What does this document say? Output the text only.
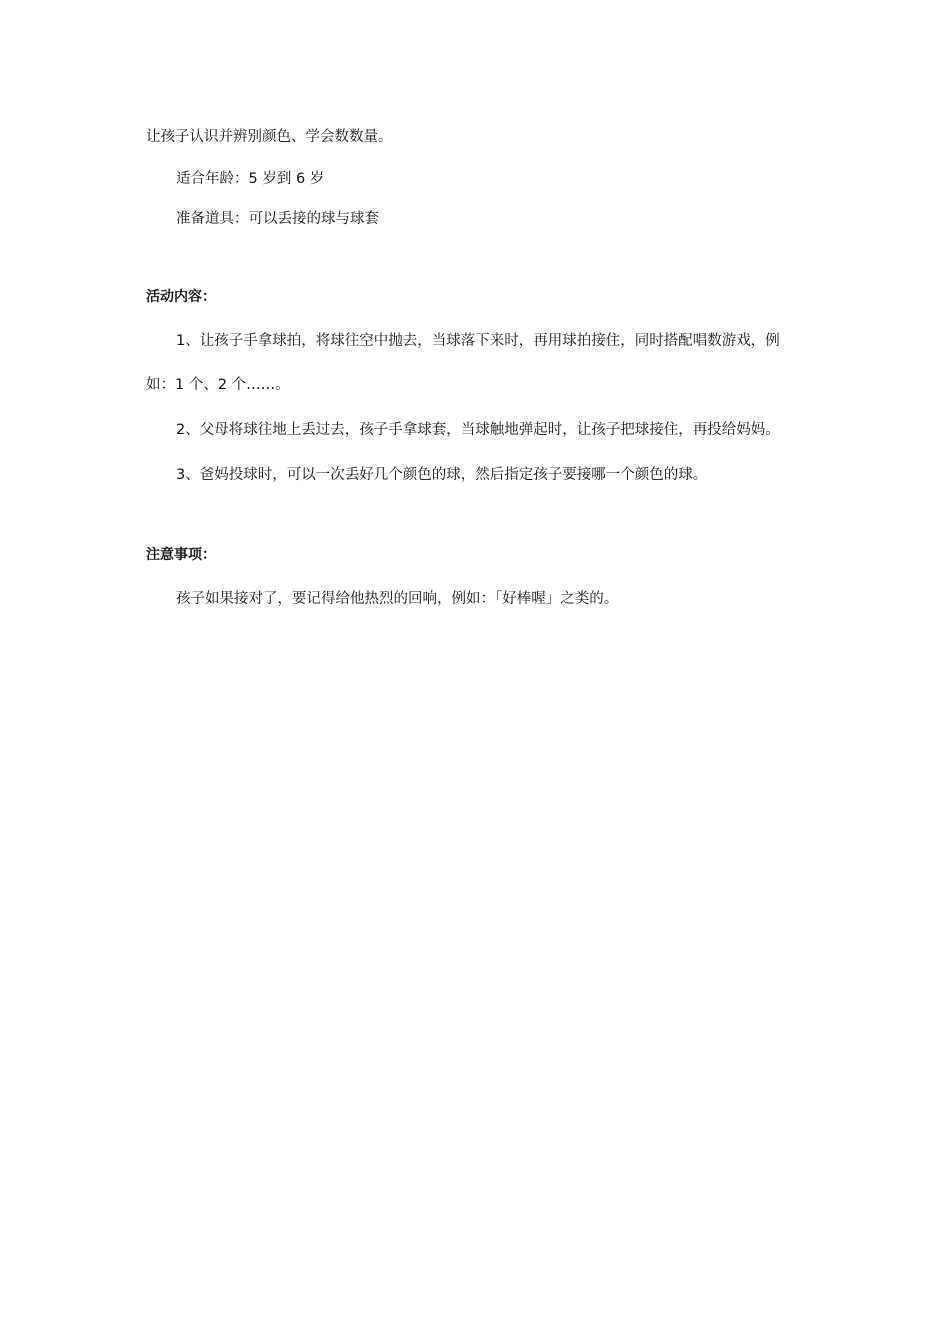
让孩子认识并辨别颜色、学会数数量。
适合年龄：5 岁到 6 岁
准备道具：可以丢接的球与球套
活动内容：
1、让孩子手拿球拍，将球往空中抛去，当球落下来时，再用球拍接住，同时搭配唱数游戏，例
如：1 个、2 个……。
2、父母将球往地上丢过去，孩子手拿球套，当球触地弹起时，让孩子把球接住，再投给妈妈。
3、爸妈投球时，可以一次丢好几个颜色的球，然后指定孩子要接哪一个颜色的球。
注意事项：
孩子如果接对了，要记得给他热烈的回响，例如：「好棒喔」之类的。
